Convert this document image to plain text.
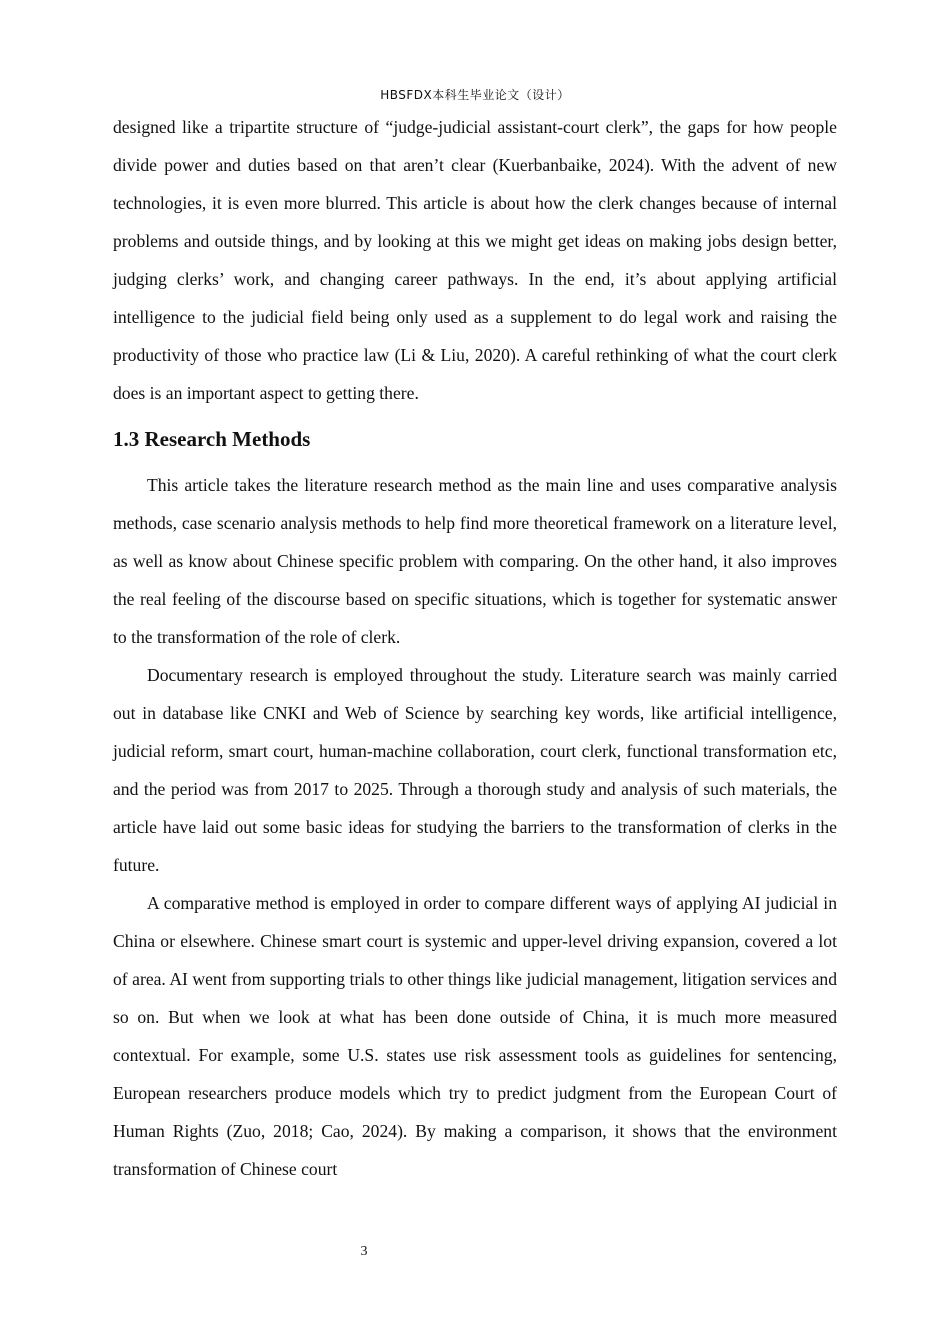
HBSFDX本科生毕业论文（设计）

designed like a tripartite structure of “judge-judicial assistant-court clerk”, the gaps for how people divide power and duties based on that aren’t clear (Kuerbanbaike, 2024). With the advent of new technologies, it is even more blurred. This article is about how the clerk changes because of internal problems and outside things, and by looking at this we might get ideas on making jobs design better, judging clerks’ work, and changing career pathways. In the end, it’s about applying artificial intelligence to the judicial field being only used as a supplement to do legal work and raising the productivity of those who practice law (Li & Liu, 2020). A careful rethinking of what the court clerk does is an important aspect to getting there.

1.3 Research Methods

This article takes the literature research method as the main line and uses comparative analysis methods, case scenario analysis methods to help find more theoretical framework on a literature level, as well as know about Chinese specific problem with comparing. On the other hand, it also improves the real feeling of the discourse based on specific situations, which is together for systematic answer to the transformation of the role of clerk.

Documentary research is employed throughout the study. Literature search was mainly carried out in database like CNKI and Web of Science by searching key words, like artificial intelligence, judicial reform, smart court, human-machine collaboration, court clerk, functional transformation etc, and the period was from 2017 to 2025. Through a thorough study and analysis of such materials, the article have laid out some basic ideas for studying the barriers to the transformation of clerks in the future.

A comparative method is employed in order to compare different ways of applying AI judicial in China or elsewhere. Chinese smart court is systemic and upper-level driving expansion, covered a lot of area. AI went from supporting trials to other things like judicial management, litigation services and so on. But when we look at what has been done outside of China, it is much more measured contextual. For example, some U.S. states use risk assessment tools as guidelines for sentencing, European researchers produce models which try to predict judgment from the European Court of Human Rights (Zuo, 2018; Cao, 2024). By making a comparison, it shows that the environment transformation of Chinese court

3
